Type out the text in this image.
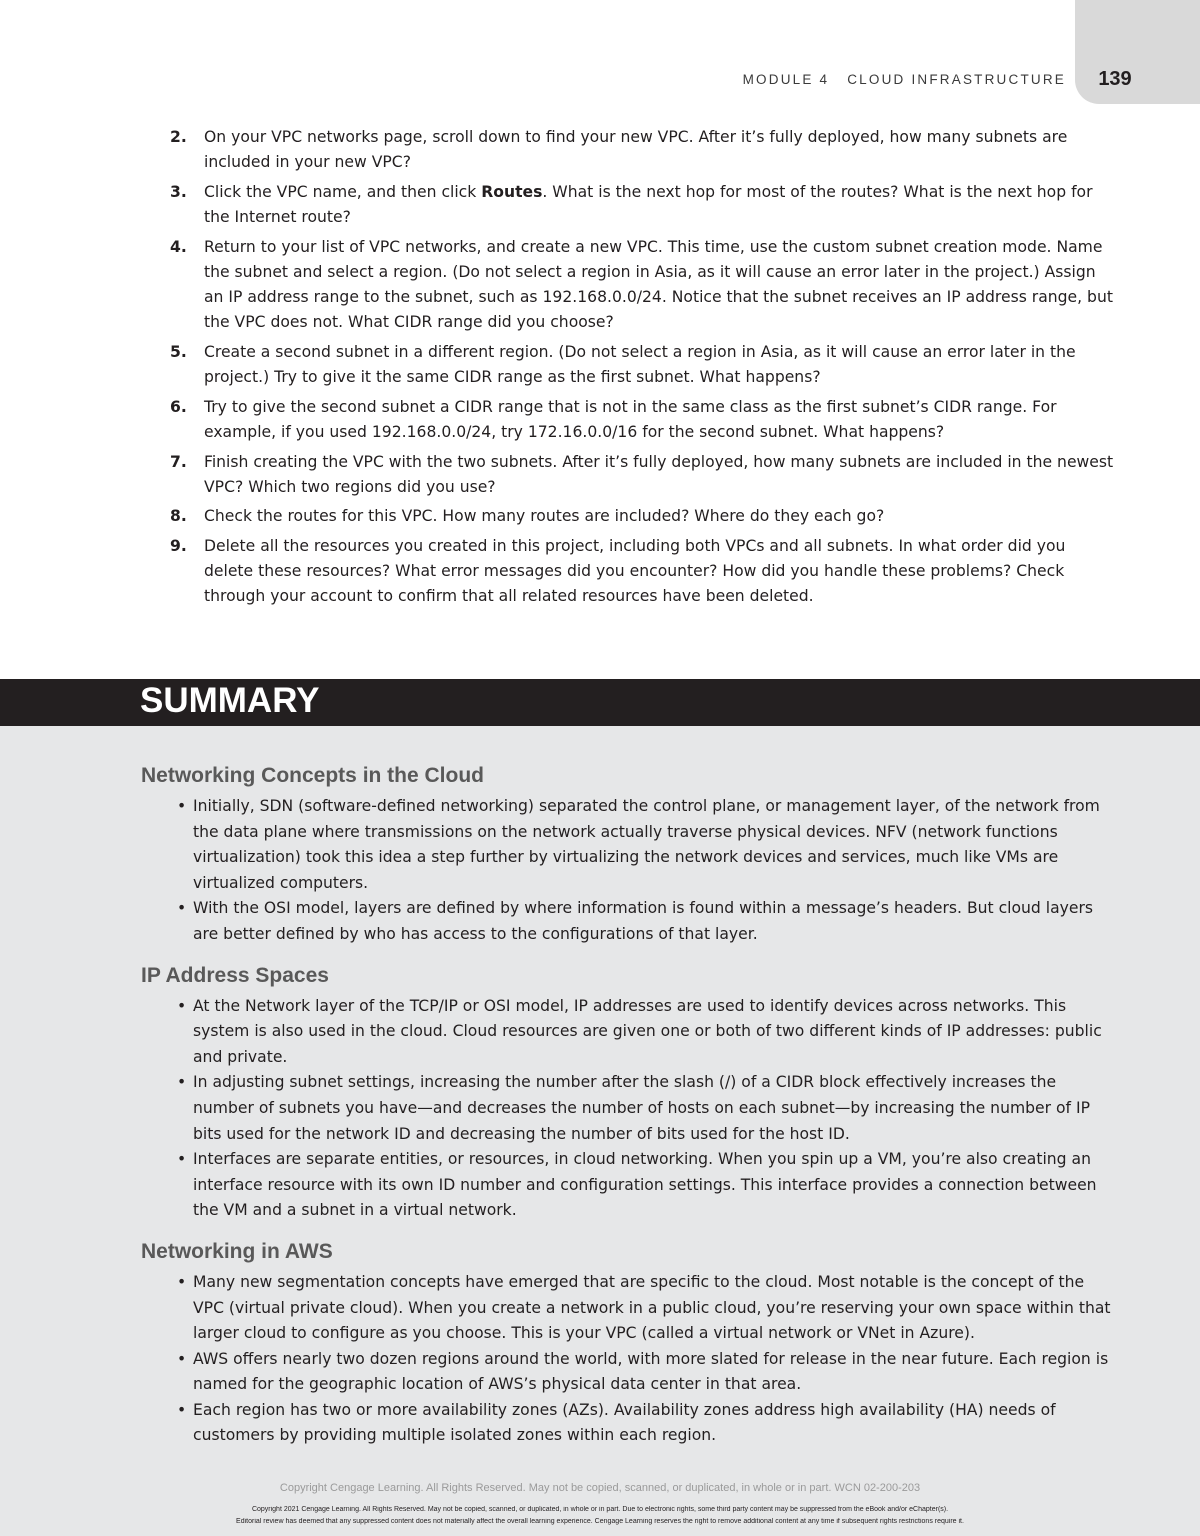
139
MODULE 4 CLOUD INFRASTRUCTURE
2. On your VPC networks page, scroll down to find your new VPC. After it’s fully deployed, how many subnets are included in your new VPC?
3. Click the VPC name, and then click Routes. What is the next hop for most of the routes? What is the next hop for the Internet route?
4. Return to your list of VPC networks, and create a new VPC. This time, use the custom subnet creation mode. Name the subnet and select a region. (Do not select a region in Asia, as it will cause an error later in the project.) Assign an IP address range to the subnet, such as 192.168.0.0/24. Notice that the subnet receives an IP address range, but the VPC does not. What CIDR range did you choose?
5. Create a second subnet in a different region. (Do not select a region in Asia, as it will cause an error later in the project.) Try to give it the same CIDR range as the first subnet. What happens?
6. Try to give the second subnet a CIDR range that is not in the same class as the first subnet’s CIDR range. For example, if you used 192.168.0.0/24, try 172.16.0.0/16 for the second subnet. What happens?
7. Finish creating the VPC with the two subnets. After it’s fully deployed, how many subnets are included in the newest VPC? Which two regions did you use?
8. Check the routes for this VPC. How many routes are included? Where do they each go?
9. Delete all the resources you created in this project, including both VPCs and all subnets. In what order did you delete these resources? What error messages did you encounter? How did you handle these problems? Check through your account to confirm that all related resources have been deleted.
SUMMARY
Networking Concepts in the Cloud
• Initially, SDN (software-defined networking) separated the control plane, or management layer, of the network from the data plane where transmissions on the network actually traverse physical devices. NFV (network functions virtualization) took this idea a step further by virtualizing the network devices and services, much like VMs are virtualized computers.
• With the OSI model, layers are defined by where information is found within a message’s headers. But cloud layers are better defined by who has access to the configurations of that layer.
IP Address Spaces
• At the Network layer of the TCP/IP or OSI model, IP addresses are used to identify devices across networks. This system is also used in the cloud. Cloud resources are given one or both of two different kinds of IP addresses: public and private.
• In adjusting subnet settings, increasing the number after the slash (/) of a CIDR block effectively increases the number of subnets you have—and decreases the number of hosts on each subnet—by increasing the number of IP bits used for the network ID and decreasing the number of bits used for the host ID.
• Interfaces are separate entities, or resources, in cloud networking. When you spin up a VM, you’re also creating an interface resource with its own ID number and configuration settings. This interface provides a connection between the VM and a subnet in a virtual network.
Networking in AWS
• Many new segmentation concepts have emerged that are specific to the cloud. Most notable is the concept of the VPC (virtual private cloud). When you create a network in a public cloud, you’re reserving your own space within that larger cloud to configure as you choose. This is your VPC (called a virtual network or VNet in Azure).
• AWS offers nearly two dozen regions around the world, with more slated for release in the near future. Each region is named for the geographic location of AWS’s physical data center in that area.
• Each region has two or more availability zones (AZs). Availability zones address high availability (HA) needs of customers by providing multiple isolated zones within each region.
Copyright Cengage Learning. All Rights Reserved. May not be copied, scanned, or duplicated, in whole or in part. WCN 02-200-203
Copyright 2021 Cengage Learning. All Rights Reserved. May not be copied, scanned, or duplicated, in whole or in part. Due to electronic rights, some third party content may be suppressed from the eBook and/or eChapter(s).
Editorial review has deemed that any suppressed content does not materially affect the overall learning experience. Cengage Learning reserves the right to remove additional content at any time if subsequent rights restrictions require it.
